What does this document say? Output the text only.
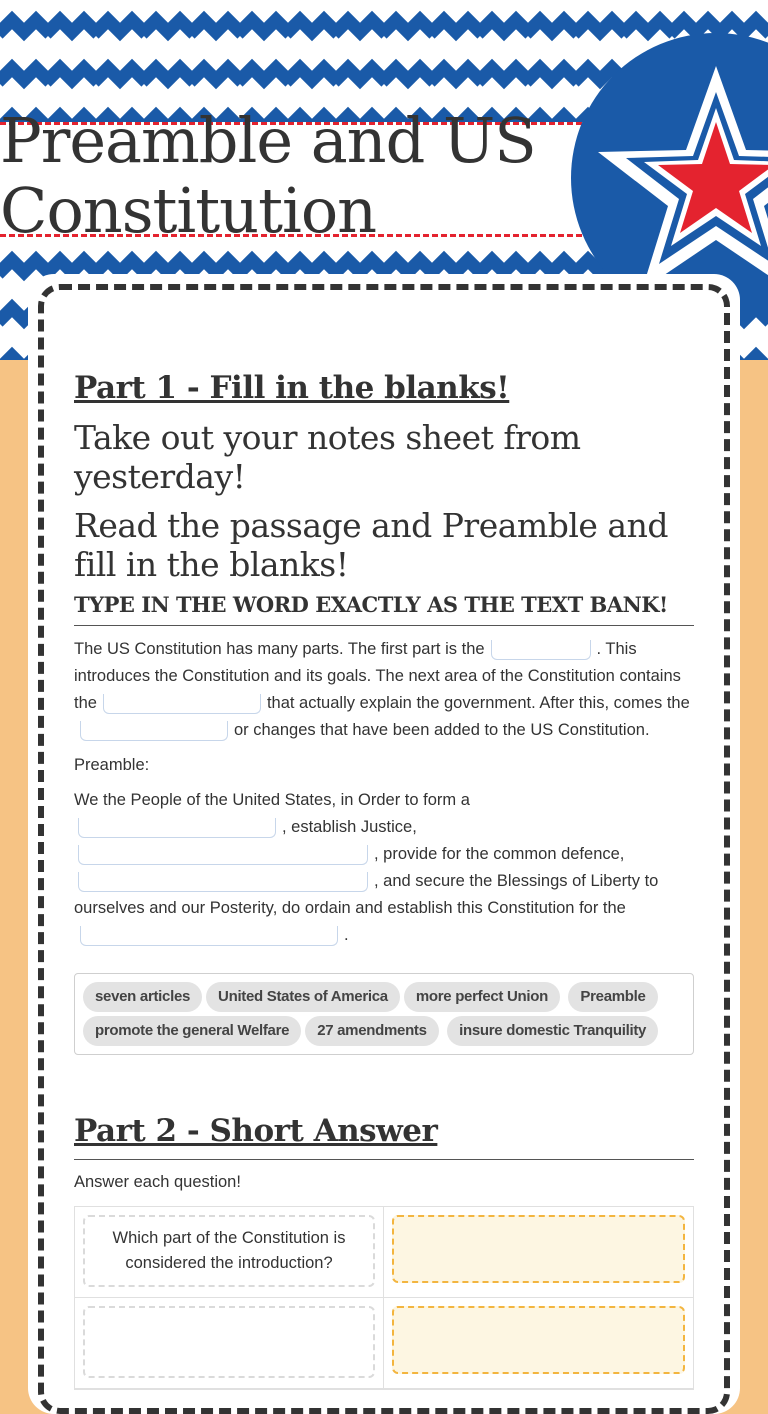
Preamble and US Constitution
Part 1 - Fill in the blanks!

Take out your notes sheet from yesterday!

Read the passage and Preamble and fill in the blanks!

TYPE IN THE WORD EXACTLY AS THE TEXT BANK!

The US Constitution has many parts. The first part is the	. This introduces the Constitution and its goals. The next area of the Constitution contains the	that actually explain the government. After this, comes theor changes that have been added to the US Constitution.

Preamble:

We the People of the United States, in Order to form a
, establish Justice,
, provide for the common defence,
, and secure the Blessings of Liberty to ourselves and our Posterity, do ordain and establish this Constitution for the.

seven articles United States of America more perfect Union Preamblepromote the general Welfare 27 amendments insure domestic Tranquility
Part 2 - Short Answer

Answer each question!

Which part of the Constitution is considered the introduction?
